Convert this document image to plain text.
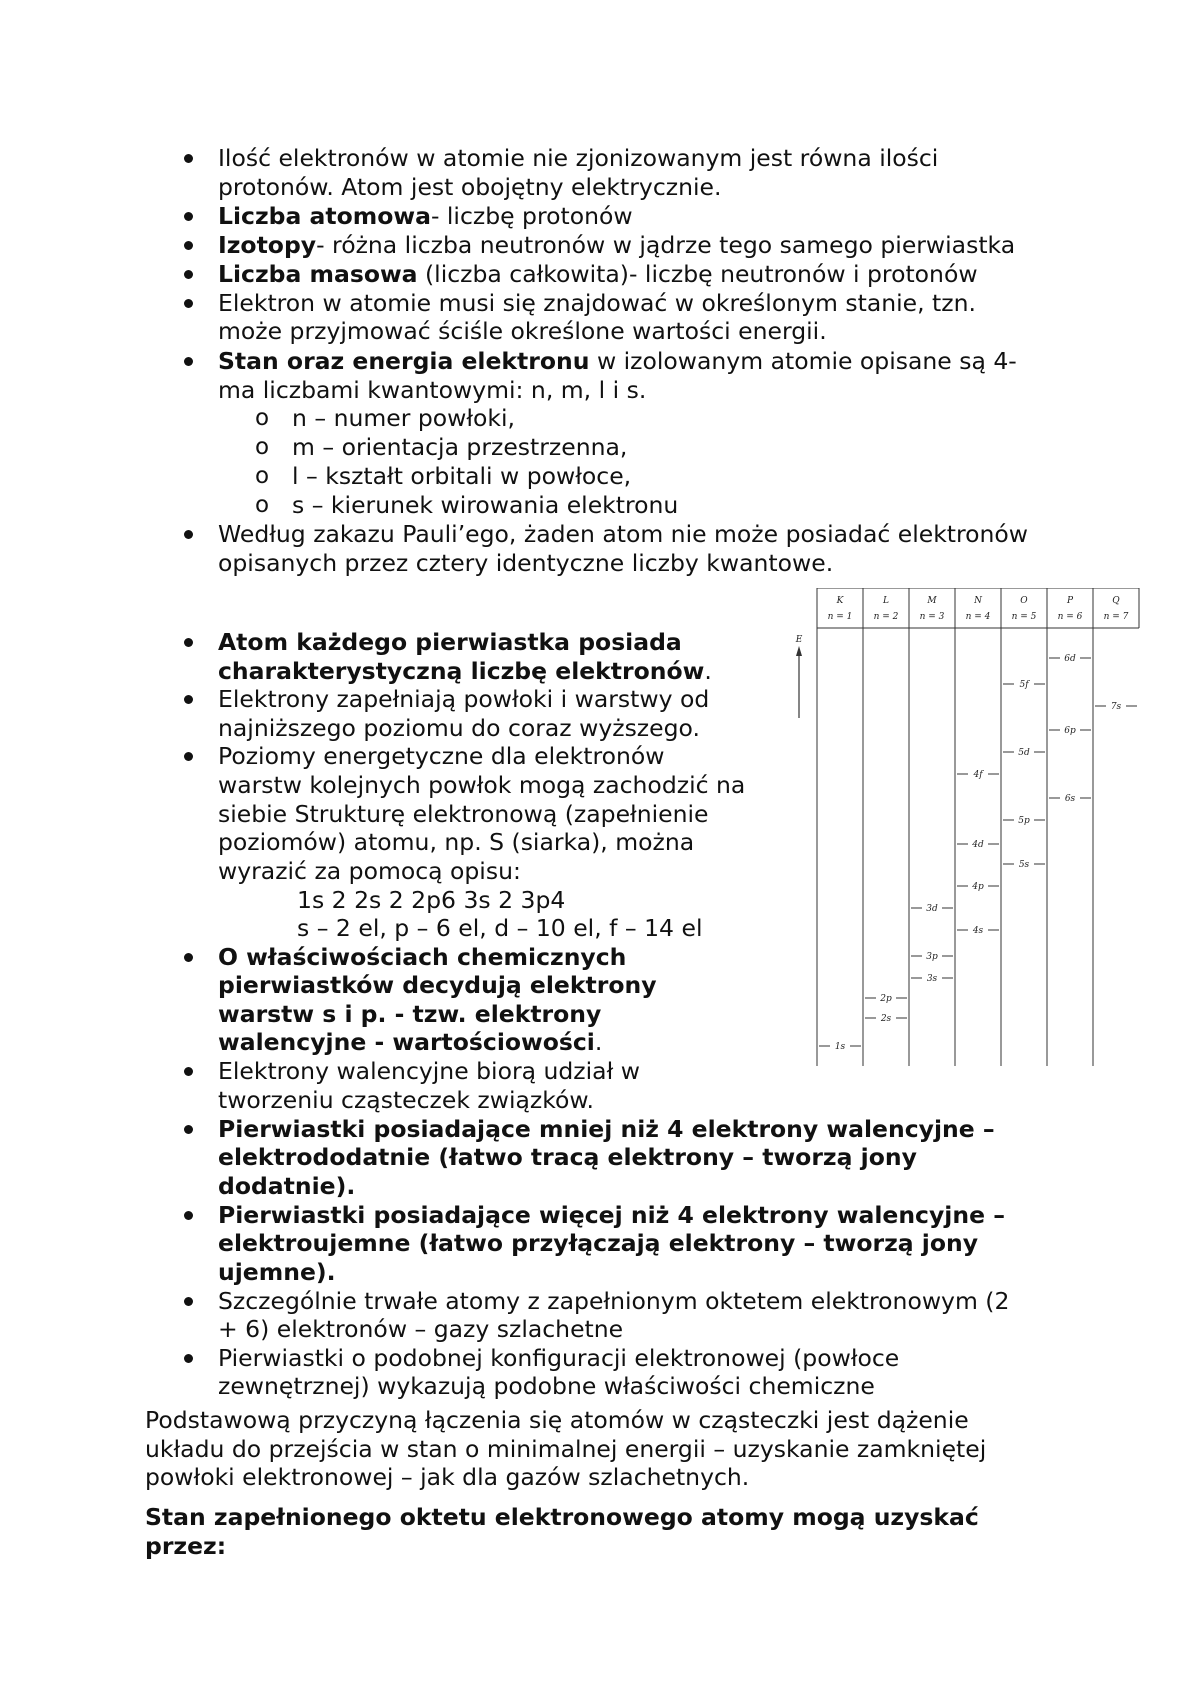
Ilość elektronów w atomie nie zjonizowanym jest równa ilości
protonów. Atom jest obojętny elektrycznie.
Liczba atomowa- liczbę protonów
Izotopy- różna liczba neutronów w jądrze tego samego pierwiastka
Liczba masowa (liczba całkowita)- liczbę neutronów i protonów
Elektron w atomie musi się znajdować w określonym stanie, tzn.
może przyjmować ściśle określone wartości energii.
Stan oraz energia elektronu w izolowanym atomie opisane są 4-
ma liczbami kwantowymi: n, m, l i s.
o n – numer powłoki,
o m – orientacja przestrzenna,
o l – kształt orbitali w powłoce,
o s – kierunek wirowania elektronu
Według zakazu Pauli’ego, żaden atom nie może posiadać elektronów
opisanych przez cztery identyczne liczby kwantowe.
Atom każdego pierwiastka posiada
charakterystyczną liczbę elektronów.
Elektrony zapełniają powłoki i warstwy od
najniższego poziomu do coraz wyższego.
Poziomy energetyczne dla elektronów
warstw kolejnych powłok mogą zachodzić na
siebie Strukturę elektronową (zapełnienie
poziomów) atomu, np. S (siarka), można
wyrazić za pomocą opisu:
1s 2 2s 2 2p6 3s 2 3p4
s – 2 el, p – 6 el, d – 10 el, f – 14 el
O właściwościach chemicznych
pierwiastków decydują elektrony
warstw s i p. - tzw. elektrony
walencyjne - wartościowości.
Elektrony walencyjne biorą udział w
tworzeniu cząsteczek związków.
Pierwiastki posiadające mniej niż 4 elektrony walencyjne –
elektrododatnie (łatwo tracą elektrony – tworzą jony
dodatnie).
Pierwiastki posiadające więcej niż 4 elektrony walencyjne –
elektroujemne (łatwo przyłączają elektrony – tworzą jony
ujemne).
Szczególnie trwałe atomy z zapełnionym oktetem elektronowym (2
+ 6) elektronów – gazy szlachetne
Pierwiastki o podobnej konfiguracji elektronowej (powłoce
zewnętrznej) wykazują podobne właściwości chemiczne
Podstawową przyczyną łączenia się atomów w cząsteczki jest dążenie
układu do przejścia w stan o minimalnej energii – uzyskanie zamkniętej
powłoki elektronowej – jak dla gazów szlachetnych.
Stan zapełnionego oktetu elektronowego atomy mogą uzyskać
przez:
K
n = 1
L
n = 2
M
n = 3
N
n = 4
O
n = 5
P
n = 6
Q
n = 7
E
1s
2s
2p
3s
3p
3d
4s
4p
4d
4f
5s
5p
5d
5f
6s
6p
6d
7s
